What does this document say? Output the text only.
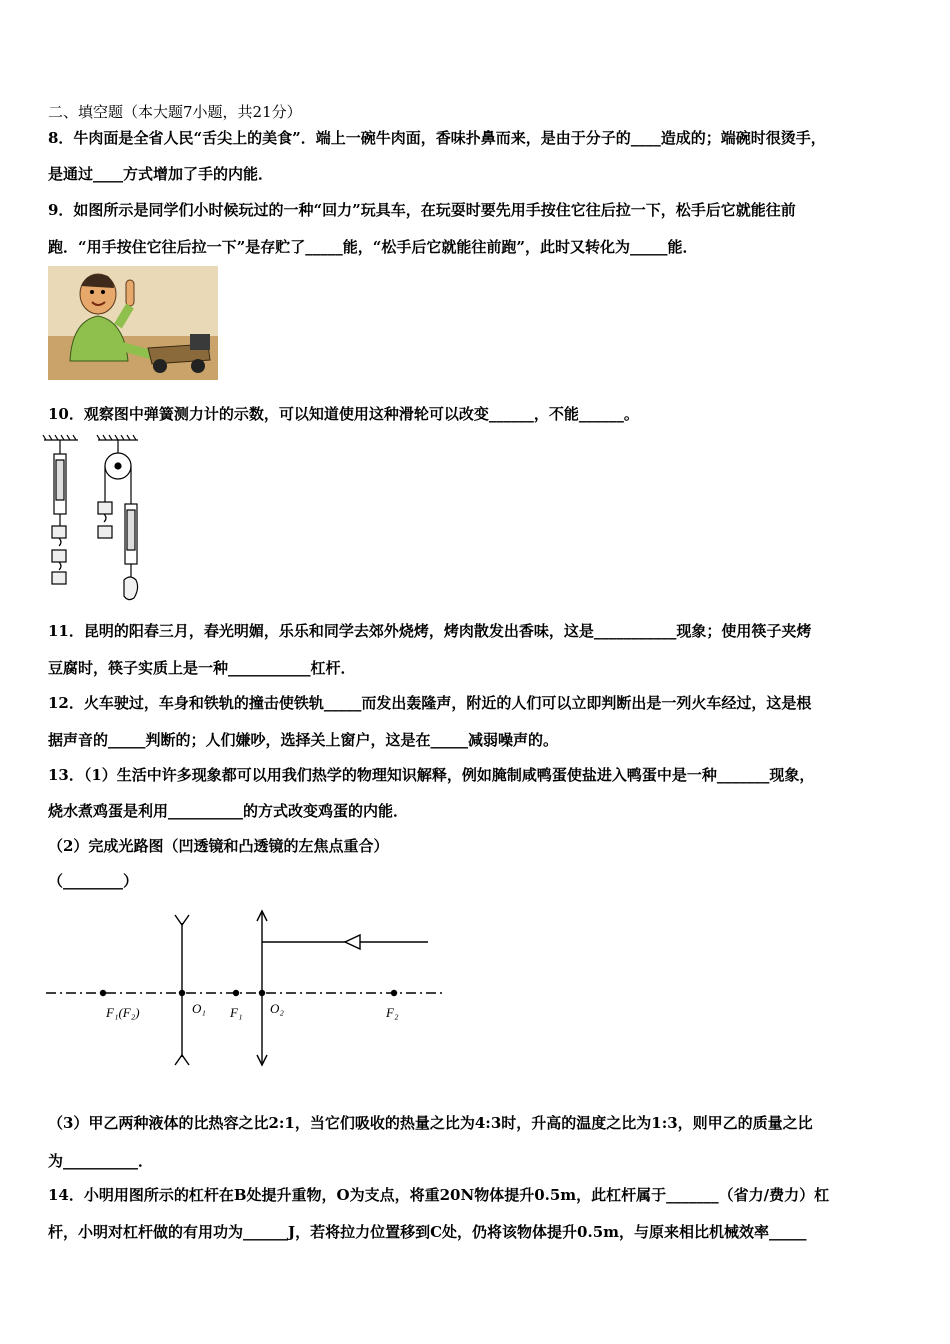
二、填空题（本大题7小题，共21分）
8．牛肉面是全省人民“舌尖上的美食”．端上一碗牛肉面，香味扑鼻而来，是由于分子的____造成的；端碗时很烫手，
是通过____方式增加了手的内能．
9．如图所示是同学们小时候玩过的一种“回力”玩具车，在玩耍时要先用手按住它往后拉一下，松手后它就能往前
跑．“用手按住它往后拉一下”是存贮了_____能，“松手后它就能往前跑”，此时又转化为_____能．
10．观察图中弹簧测力计的示数，可以知道使用这种滑轮可以改变______，不能______。
11．昆明的阳春三月，春光明媚，乐乐和同学去郊外烧烤，烤肉散发出香味，这是___________现象；使用筷子夹烤
豆腐时，筷子实质上是一种___________杠杆．
12．火车驶过，车身和铁轨的撞击使铁轨_____而发出轰隆声，附近的人们可以立即判断出是一列火车经过，这是根
据声音的_____判断的；人们嫌吵，选择关上窗户，这是在_____减弱噪声的。
13．（1）生活中许多现象都可以用我们热学的物理知识解释，例如腌制咸鸭蛋使盐进入鸭蛋中是一种_______现象，
烧水煮鸡蛋是利用__________的方式改变鸡蛋的内能．
（2）完成光路图（凹透镜和凸透镜的左焦点重合）
（________）
F₁(F₂)	O₁ F₁ O₂	F₂
（3）甲乙两种液体的比热容之比2:1，当它们吸收的热量之比为4:3时，升高的温度之比为1:3，则甲乙的质量之比
为__________．
14．小明用图所示的杠杆在B处提升重物，O为支点，将重20N物体提升0.5m，此杠杆属于_______（省力/费力）杠
杆，小明对杠杆做的有用功为______J，若将拉力位置移到C处，仍将该物体提升0.5m，与原来相比机械效率_____
